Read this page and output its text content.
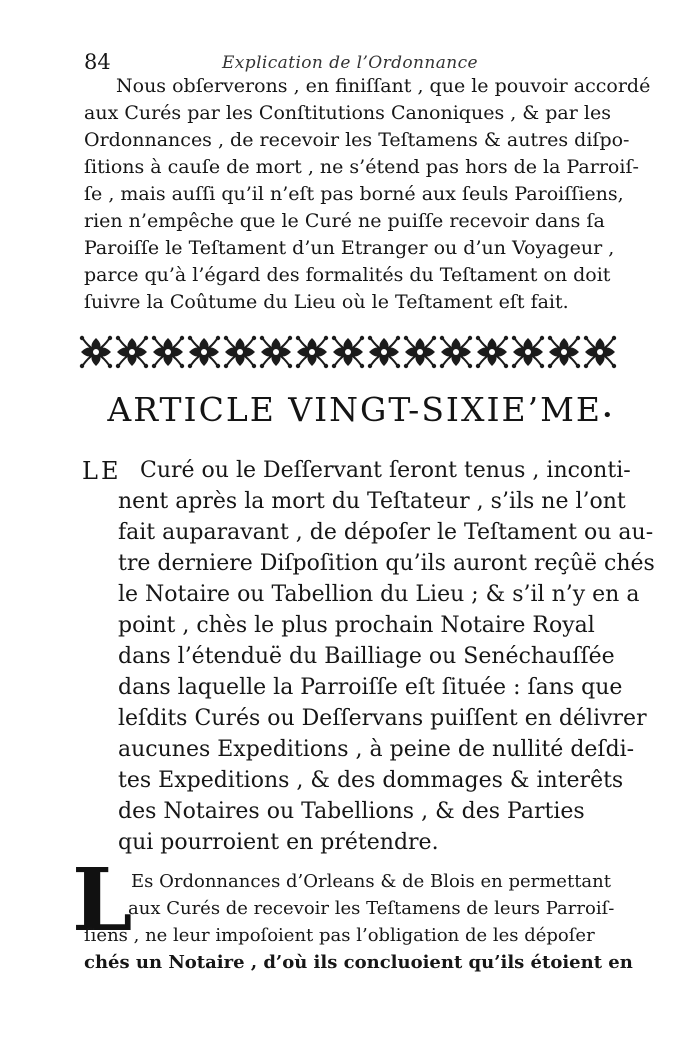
84	Explication de l’Ordonnance
Nous obſerverons , en finiſſant , que le pouvoir accordé
aux Curés par les Conſtitutions Canoniques , & par les
Ordonnances , de recevoir les Teſtamens & autres diſpo-
ſitions à cauſe de mort , ne s’étend pas hors de la Parroiſ-
ſe , mais auſſi qu’il n’eſt pas borné aux ſeuls Paroiſſiens,
rien n’empêche que le Curé ne puiſſe recevoir dans ſa
Paroiſſe le Teſtament d’un Etranger ou d’un Voyageur ,
parce qu’à l’égard des formalités du Teſtament on doit
ſuivre la Coûtume du Lieu où le Teſtament eſt fait.
ARTICLE VINGT-SIXIE’ME•
LE Curé ou le Deſſervant ſeront tenus , inconti-
nent après la mort du Teſtateur , s’ils ne l’ont
fait auparavant , de dépoſer le Teſtament ou au-
tre derniere Diſpoſition qu’ils auront reçûë chés
le Notaire ou Tabellion du Lieu ; & s’il n’y en a
point , chès le plus prochain Notaire Royal
dans l’étenduë du Bailliage ou Senéchauſſée
dans laquelle la Parroiſſe eſt ſituée : ſans que
leſdits Curés ou Deſſervans puiſſent en délivrer
aucunes Expeditions , à peine de nullité deſdi-
tes Expeditions , & des dommages & interêts
des Notaires ou Tabellions , & des Parties
qui pourroient en prétendre.
L
Es Ordonnances d’Orleans & de Blois en permettant
aux Curés de recevoir les Teſtamens de leurs Parroiſ-
ſiens , ne leur impoſoient pas l’obligation de les dépoſer
chés un Notaire , d’où ils concluoient qu’ils étoient en
